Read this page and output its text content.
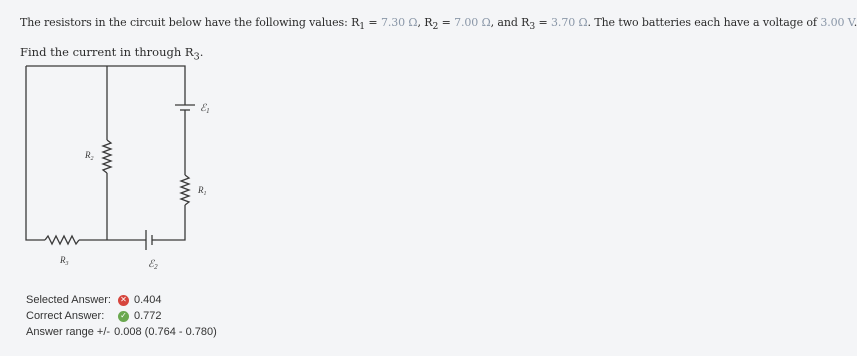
The resistors in the circuit below have the following values: $R_1 = 7.30$ Ω, $R_2 = 7.00$ Ω, and $R_3 = 3.70$ Ω. The two batteries each have a voltage of 3.00 V.
Find the current in through $R_3$.
ℰ$_1$
$R_1$
$R_2$
$R_3$	ℰ$_2$
Selected Answer:	✕ 0.404
Correct Answer:	✓ 0.772
Answer range +/- 0.008 (0.764 - 0.780)
